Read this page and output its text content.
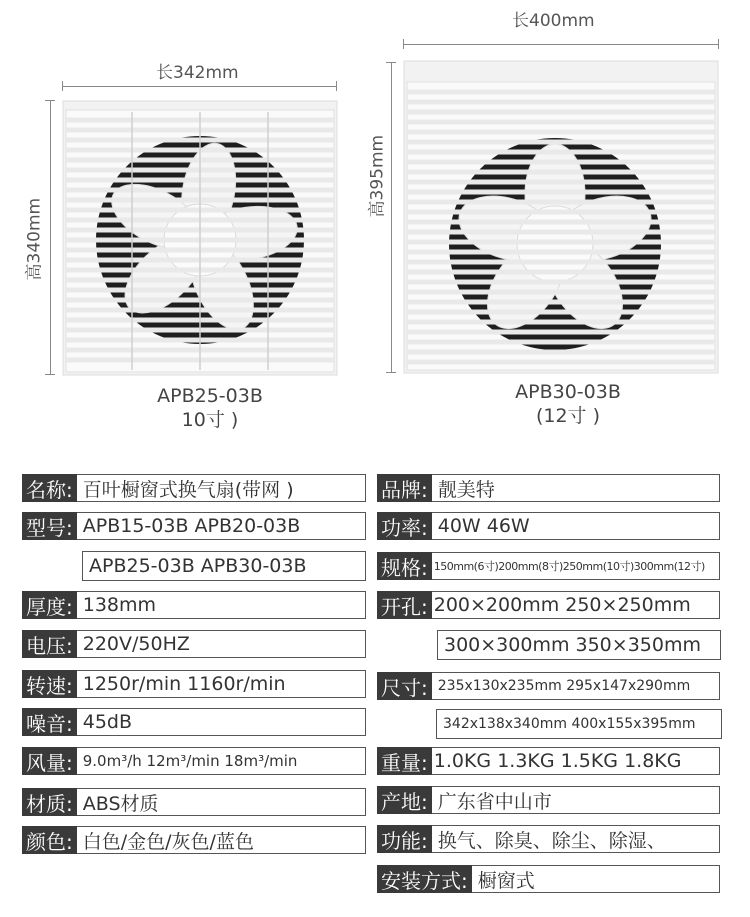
长342mm
高340mm
长400mm
高395mm
APB25-03B
10寸 )
APB30-03B
(12寸 )
名称: 百叶橱窗式换气扇(带网 )
型号: APB15-03B APB20-03B
APB25-03B APB30-03B
厚度: 138mm
电压: 220V/50HZ
转速: 1250r/min 1160r/min
噪音: 45dB
风量: 9.0m³/h 12m³/min 18m³/min
材质: ABS材质
颜色: 白色/金色/灰色/蓝色
品牌: 靓美特
功率: 40W 46W
规格: 150mm(6寸)200mm(8寸)250mm(10寸)300mm(12寸)
开孔: 200×200mm 250×250mm
300×300mm 350×350mm
尺寸: 235x130x235mm 295x147x290mm
342x138x340mm 400x155x395mm
重量: 1.0KG 1.3KG 1.5KG 1.8KG
产地: 广东省中山市
功能: 换气、除臭、除尘、除湿、
安装方式: 橱窗式
